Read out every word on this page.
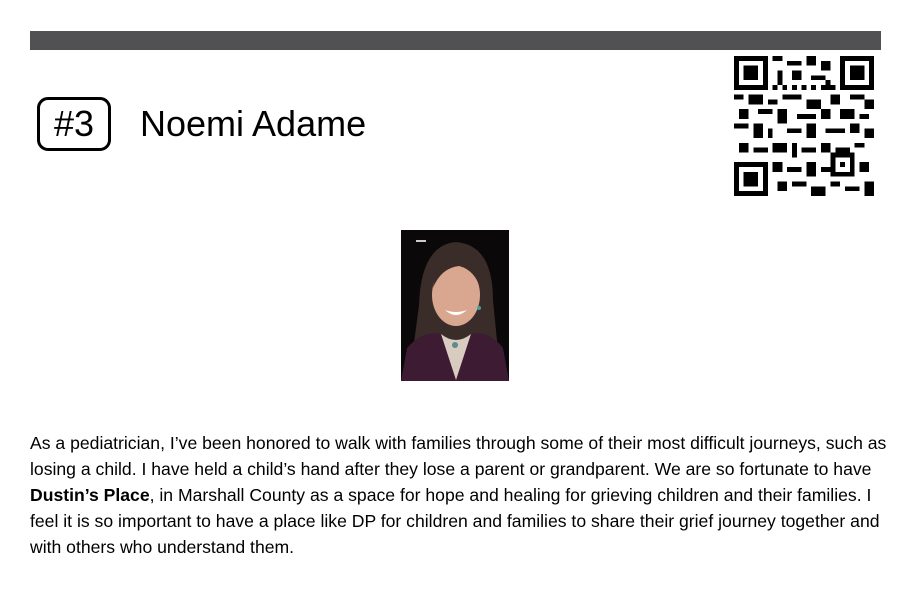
#3 Noemi Adame
As a pediatrician, I’ve been honored to walk with families through some of their most difficult journeys, such as losing a child. I have held a child’s hand after they lose a parent or grandparent. We are so fortunate to have Dustin’s Place, in Marshall County as a space for hope and healing for grieving children and their families. I feel it is so important to have a place like DP for children and families to share their grief journey together and with others who understand them.
